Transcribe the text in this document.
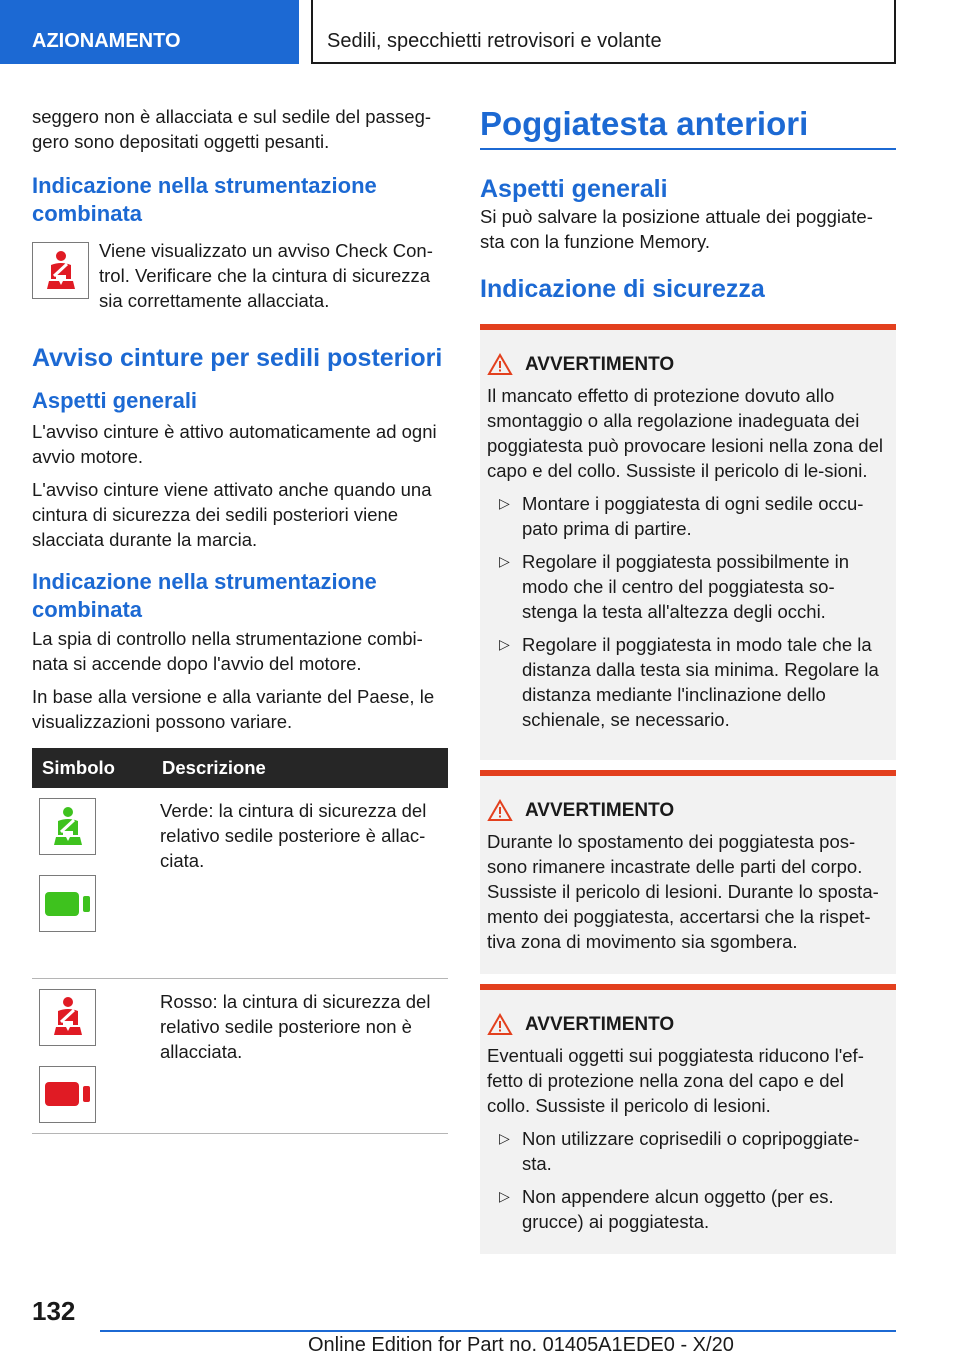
AZIONAMENTO	Sedili, specchietti retrovisori e volante

seggero non è allacciata e sul sedile del passeg-gero sono depositati oggetti pesanti.

Indicazione nella strumentazione combinata

Viene visualizzato un avviso Check Con-trol. Verificare che la cintura di sicurezza sia correttamente allacciata.

Avviso cinture per sedili posteriori
Aspetti generali

L'avviso cinture è attivo automaticamente ad ogni avvio motore.

L'avviso cinture viene attivato anche quando una cintura di sicurezza dei sedili posteriori viene slacciata durante la marcia.

Indicazione nella strumentazione combinata

La spia di controllo nella strumentazione combi-nata si accende dopo l'avvio del motore.

In base alla versione e alla variante del Paese, le visualizzazioni possono variare.

Simbolo	Descrizione

	Verde: la cintura di sicurezza del relativo sedile posteriore è allac-ciata.

	Rosso: la cintura di sicurezza del relativo sedile posteriore non è allacciata.
Poggiatesta anteriori
Aspetti generali

Si può salvare la posizione attuale dei poggiate-sta con la funzione Memory.

Indicazione di sicurezza
AVVERTIMENTO

Il mancato effetto di protezione dovuto allo smontaggio o alla regolazione inadeguata dei poggiatesta può provocare lesioni nella zona del capo e del collo. Sussiste il pericolo di le-sioni.

▷ Montare i poggiatesta di ogni sedile occu-pato prima di partire.
▷ Regolare il poggiatesta possibilmente in modo che il centro del poggiatesta so-stenga la testa all'altezza degli occhi.
▷ Regolare il poggiatesta in modo tale che la distanza dalla testa sia minima. Regolare la distanza mediante l'inclinazione dello schienale, se necessario.
AVVERTIMENTO

Durante lo spostamento dei poggiatesta pos-sono rimanere incastrate delle parti del corpo. Sussiste il pericolo di lesioni. Durante lo sposta-mento dei poggiatesta, accertarsi che la rispet-tiva zona di movimento sia sgombera.

AVVERTIMENTO

Eventuali oggetti sui poggiatesta riducono l'ef-fetto di protezione nella zona del capo e del collo. Sussiste il pericolo di lesioni.

▷ Non utilizzare coprisedili o copripoggiate-sta.
▷ Non appendere alcun oggetto (per es. grucce) ai poggiatesta.
132
Online Edition for Part no. 01405A1EDE0 - X/20
